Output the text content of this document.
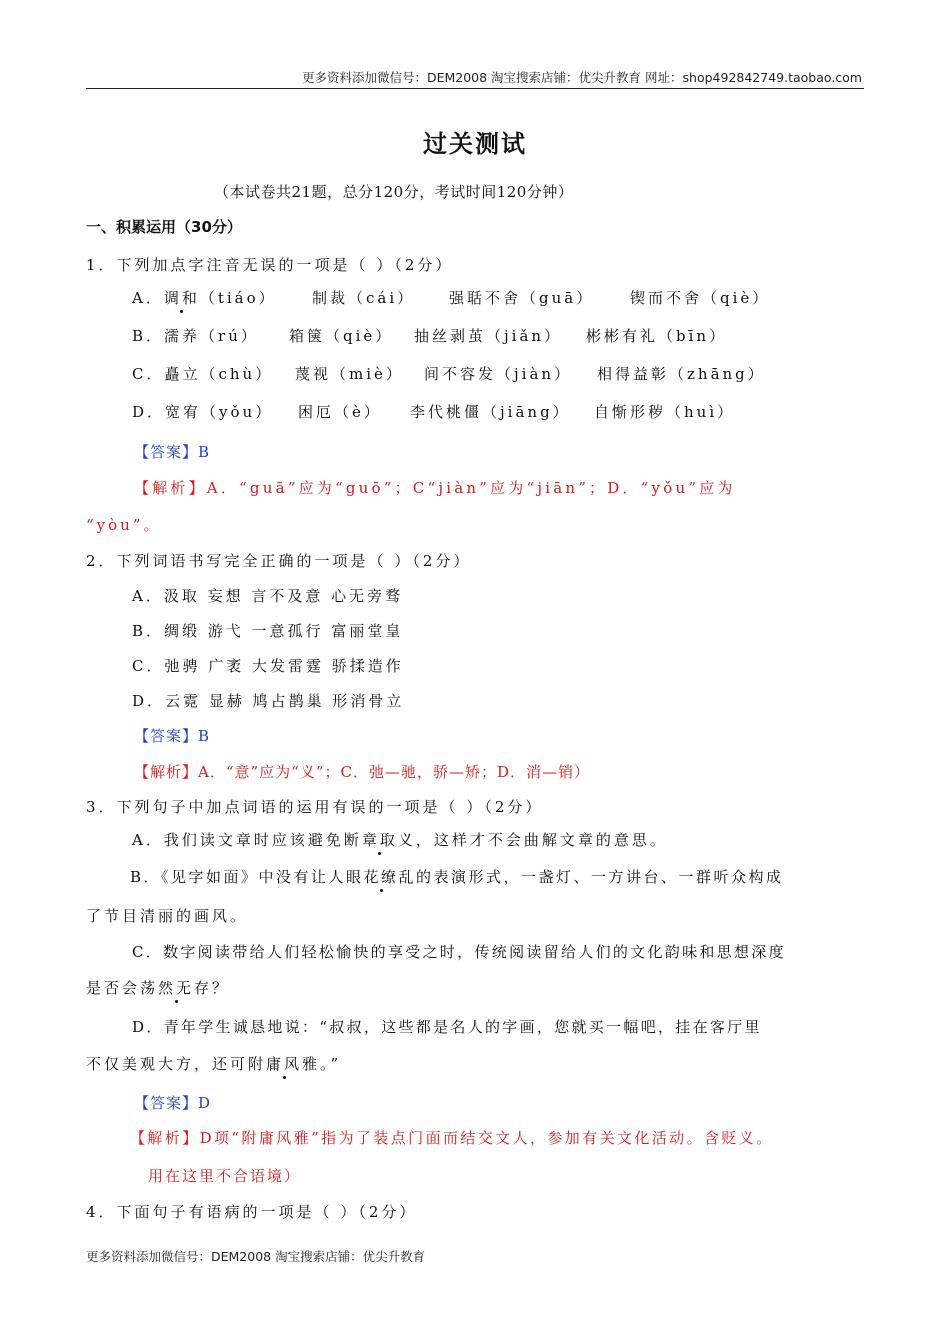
更多资料添加微信号：DEM2008 淘宝搜索店铺：优尖升教育 网址：shop492842749.taobao.com
过关测试
（本试卷共21题，总分120分，考试时间120分钟）
一、积累运用（30分）
1．下列加点字注音无误的一项是（ ）（2分）
A．调和（tiáo） 制裁（cái） 强聒不舍（guā） 锲而不舍（qiè）
B．濡养（rú） 箱箧（qiè） 抽丝剥茧（jiǎn） 彬彬有礼（bīn）
C．矗立（chù） 蔑视（miè） 间不容发（jiàn） 相得益彰（zhāng）
D．宽宥（yǒu） 困厄（è） 李代桃僵（jiāng） 自惭形秽（huì）
【答案】B
【解析】A．“guā”应为“guō”；C“jiàn”应为“jiān”；D．“yǒu”应为
“yòu”。
2．下列词语书写完全正确的一项是（ ）（2分）
A．汲取 妄想 言不及意 心无旁骛
B．绸缎 游弋 一意孤行 富丽堂皇
C．弛骋 广袤 大发雷霆 骄揉造作
D．云霓 显赫 鸠占鹊巢 形消骨立
【答案】B
【解析】A．“意”应为“义”；C．弛—驰，骄—矫；D．消—销）
3．下列句子中加点词语的运用有误的一项是（ ）（2分）
A．我们读文章时应该避免断章取义，这样才不会曲解文章的意思。
B．《见字如面》中没有让人眼花缭乱的表演形式，一盏灯、一方讲台、一群听众构成
了节目清丽的画风。
C．数字阅读带给人们轻松愉快的享受之时，传统阅读留给人们的文化韵味和思想深度
是否会荡然无存？
D．青年学生诚恳地说：“叔叔，这些都是名人的字画，您就买一幅吧，挂在客厅里
不仅美观大方，还可附庸风雅。”
【答案】D
【解析】D项“附庸风雅”指为了装点门面而结交文人，参加有关文化活动。含贬义。
用在这里不合语境）
4．下面句子有语病的一项是（ ）（2分）
更多资料添加微信号：DEM2008 淘宝搜索店铺：优尖升教育
